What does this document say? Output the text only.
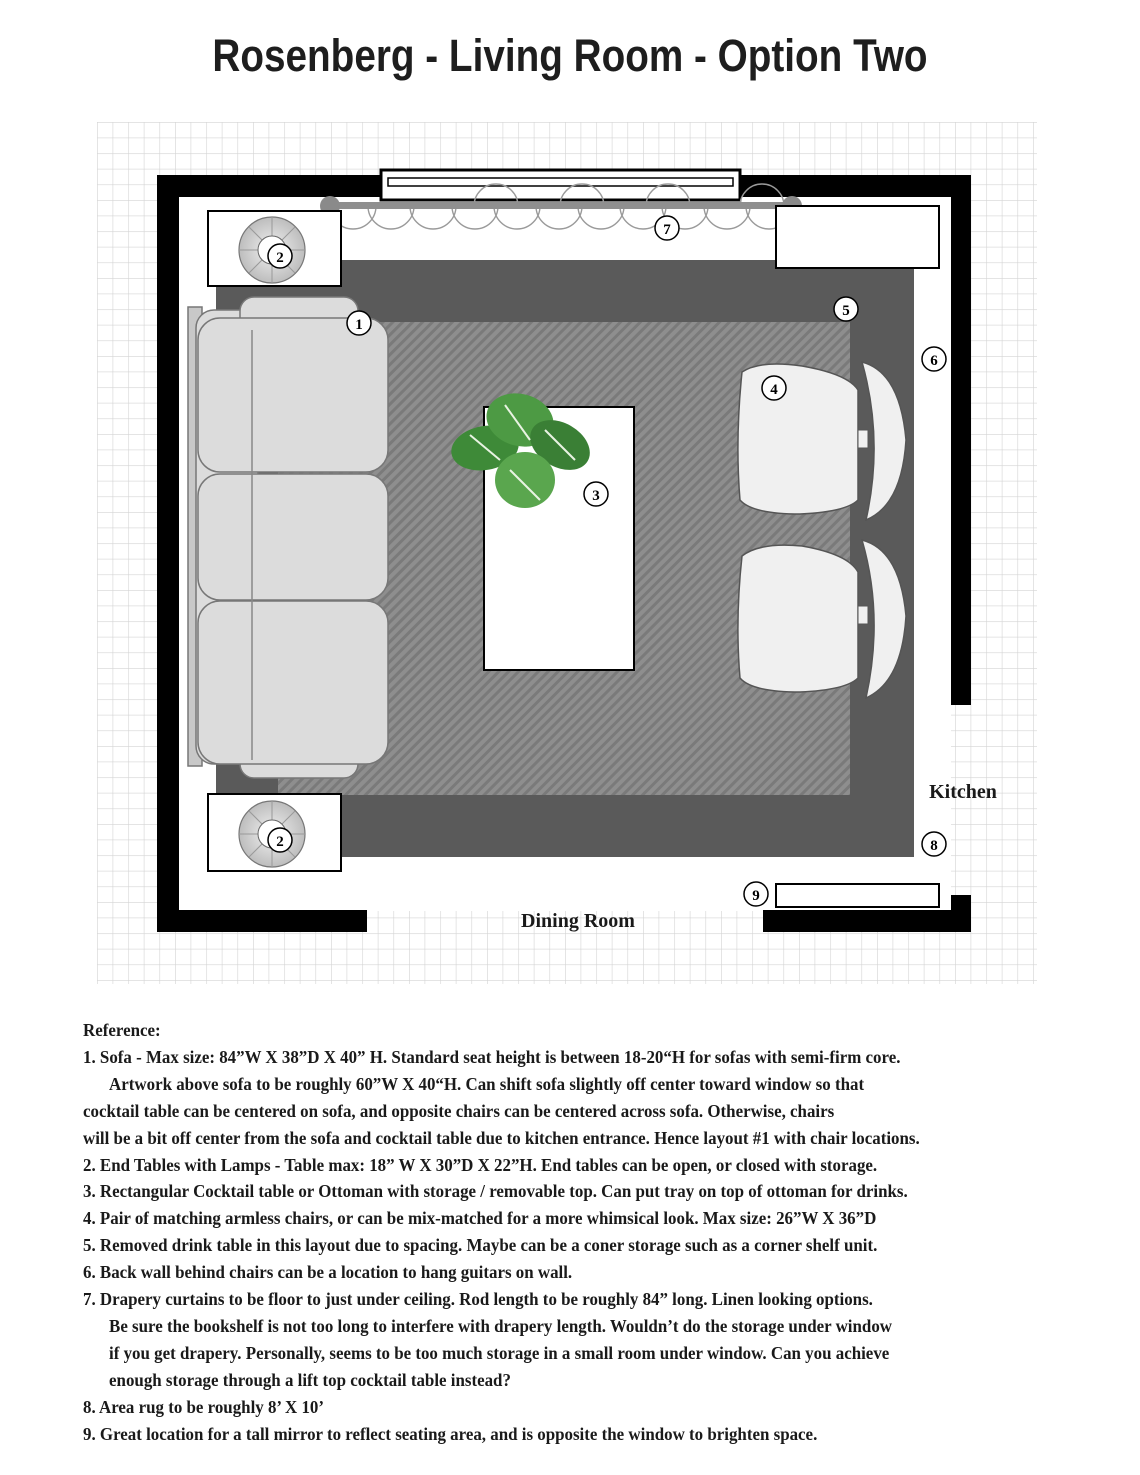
Rosenberg - Living Room - Option Two
Kitchen
Dining Room
1
2
2
3
4
5
6
7
8
9
Reference:
1. Sofa - Max size: 84”W X 38”D X 40” H. Standard seat height is between 18-20“H for sofas with semi-firm core.
Artwork above sofa to be roughly 60”W X 40“H. Can shift sofa slightly off center toward window so that
cocktail table can be centered on sofa, and opposite chairs can be centered across sofa. Otherwise, chairs
will be a bit off center from the sofa and cocktail table due to kitchen entrance. Hence layout #1 with chair locations.
2. End Tables with Lamps - Table max: 18” W X 30”D X 22”H. End tables can be open, or closed with storage.
3. Rectangular Cocktail table or Ottoman with storage / removable top. Can put tray on top of ottoman for drinks.
4. Pair of matching armless chairs, or can be mix-matched for a more whimsical look. Max size: 26”W X 36”D
5. Removed drink table in this layout due to spacing. Maybe can be a coner storage such as a corner shelf unit.
6. Back wall behind chairs can be a location to hang guitars on wall.
7. Drapery curtains to be floor to just under ceiling. Rod length to be roughly 84” long. Linen looking options.
Be sure the bookshelf is not too long to interfere with drapery length. Wouldn’t do the storage under window
if you get drapery. Personally, seems to be too much storage in a small room under window. Can you achieve
enough storage through a lift top cocktail table instead?
8. Area rug to be roughly 8’ X 10’
9. Great location for a tall mirror to reflect seating area, and is opposite the window to brighten space.
